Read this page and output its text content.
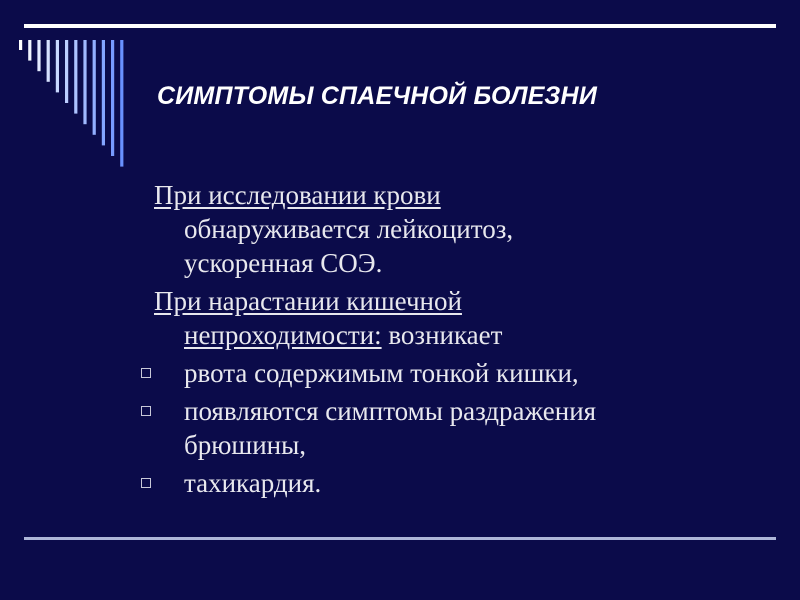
СИМПТОМЫ СПАЕЧНОЙ БОЛЕЗНИ
При исследовании крови
обнаруживается лейкоцитоз,
ускоренная СОЭ.
При нарастании кишечной
непроходимости: возникает
рвота содержимым тонкой кишки,
появляются симптомы раздражения
брюшины,
тахикардия.
